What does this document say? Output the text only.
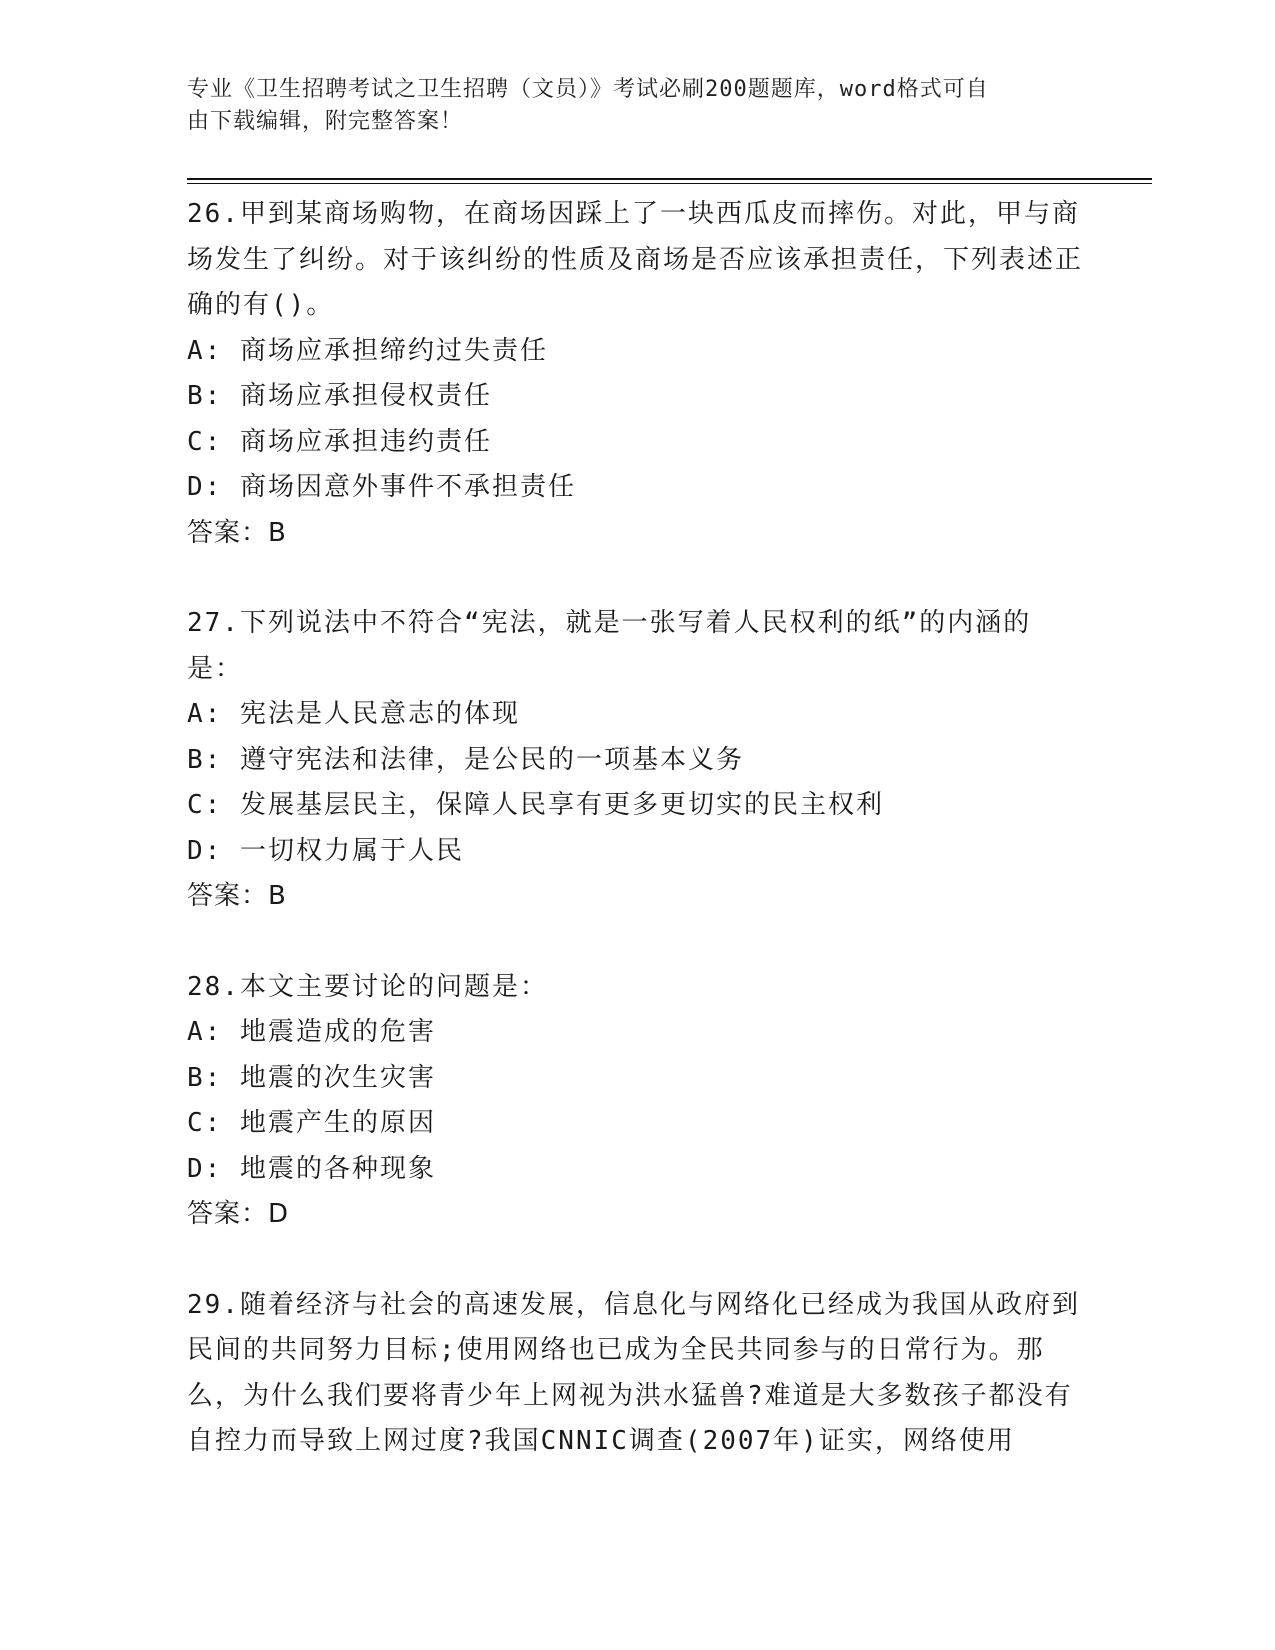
专业《卫生招聘考试之卫生招聘（文员）》考试必刷200题题库，word格式可自
由下载编辑，附完整答案！
26.甲到某商场购物，在商场因踩上了一块西瓜皮而摔伤。对此，甲与商场发生了纠纷。对于该纠纷的性质及商场是否应该承担责任，下列表述正确的有()。
A: 商场应承担缔约过失责任
B: 商场应承担侵权责任
C: 商场应承担违约责任
D: 商场因意外事件不承担责任
答案：B
27.下列说法中不符合“宪法，就是一张写着人民权利的纸”的内涵的是：
A: 宪法是人民意志的体现
B: 遵守宪法和法律，是公民的一项基本义务
C: 发展基层民主，保障人民享有更多更切实的民主权利
D: 一切权力属于人民
答案：B
28.本文主要讨论的问题是：
A: 地震造成的危害
B: 地震的次生灾害
C: 地震产生的原因
D: 地震的各种现象
答案：D
29.随着经济与社会的高速发展，信息化与网络化已经成为我国从政府到民间的共同努力目标;使用网络也已成为全民共同参与的日常行为。那么，为什么我们要将青少年上网视为洪水猛兽?难道是大多数孩子都没有自控力而导致上网过度?我国CNNIC调查(2007年)证实，网络使用
